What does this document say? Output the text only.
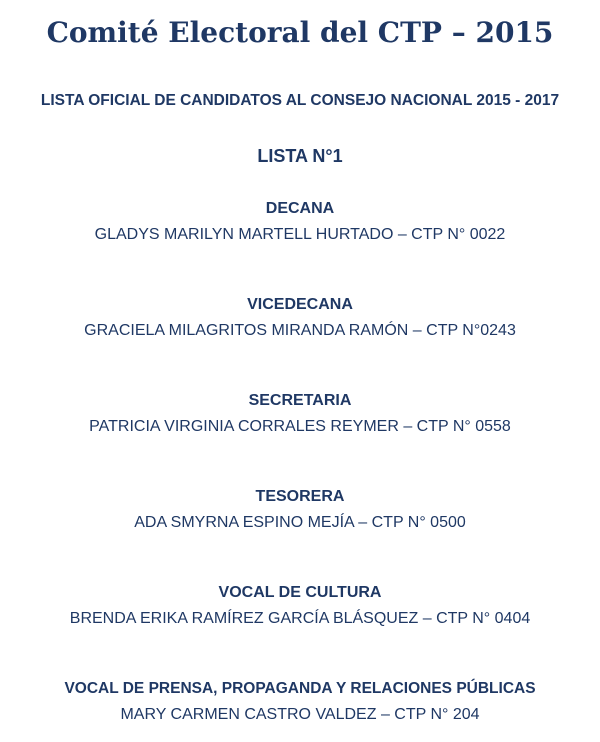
Comité Electoral del CTP – 2015
LISTA OFICIAL DE CANDIDATOS AL CONSEJO NACIONAL 2015 - 2017
LISTA N°1

DECANA

GLADYS MARILYN MARTELL HURTADO – CTP N° 0022

VICEDECANA

GRACIELA MILAGRITOS MIRANDA RAMÓN – CTP N°0243

SECRETARIA

PATRICIA VIRGINIA CORRALES REYMER – CTP N° 0558

TESORERA

ADA SMYRNA ESPINO MEJÍA – CTP N° 0500

VOCAL DE CULTURA

BRENDA ERIKA RAMÍREZ GARCÍA BLÁSQUEZ – CTP N° 0404

VOCAL DE PRENSA, PROPAGANDA Y RELACIONES PÚBLICAS

MARY CARMEN CASTRO VALDEZ – CTP N° 204
